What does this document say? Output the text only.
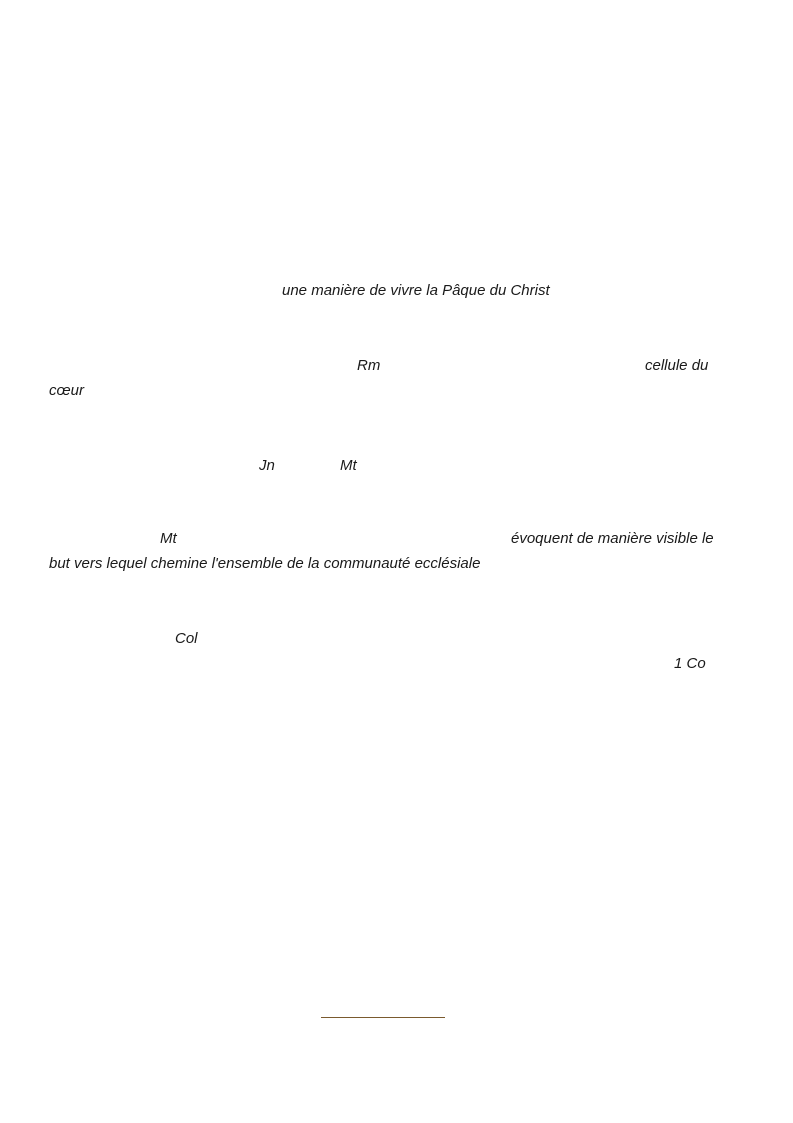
une manière de vivre la Pâque du Christ
Rm	cellule du
cœur
Jn	Mt
Mt	évoquent de manière visible le
but vers lequel chemine l'ensemble de la communauté ecclésiale
Col
1 Co
